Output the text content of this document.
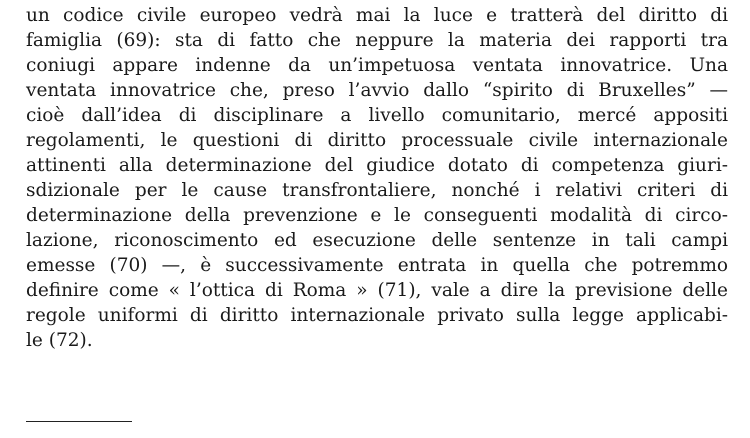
un codice civile europeo vedrà mai la luce e tratterà del diritto di
famiglia (69): sta di fatto che neppure la materia dei rapporti tra
coniugi appare indenne da un’impetuosa ventata innovatrice. Una
ventata innovatrice che, preso l’avvio dallo “spirito di Bruxelles” —
cioè dall’idea di disciplinare a livello comunitario, mercé appositi
regolamenti, le questioni di diritto processuale civile internazionale
attinenti alla determinazione del giudice dotato di competenza giuri-
sdizionale per le cause transfrontaliere, nonché i relativi criteri di
determinazione della prevenzione e le conseguenti modalità di circo-
lazione, riconoscimento ed esecuzione delle sentenze in tali campi
emesse (70) —, è successivamente entrata in quella che potremmo
definire come « l’ottica di Roma » (71), vale a dire la previsione delle
regole uniformi di diritto internazionale privato sulla legge applicabi-
le (72).
